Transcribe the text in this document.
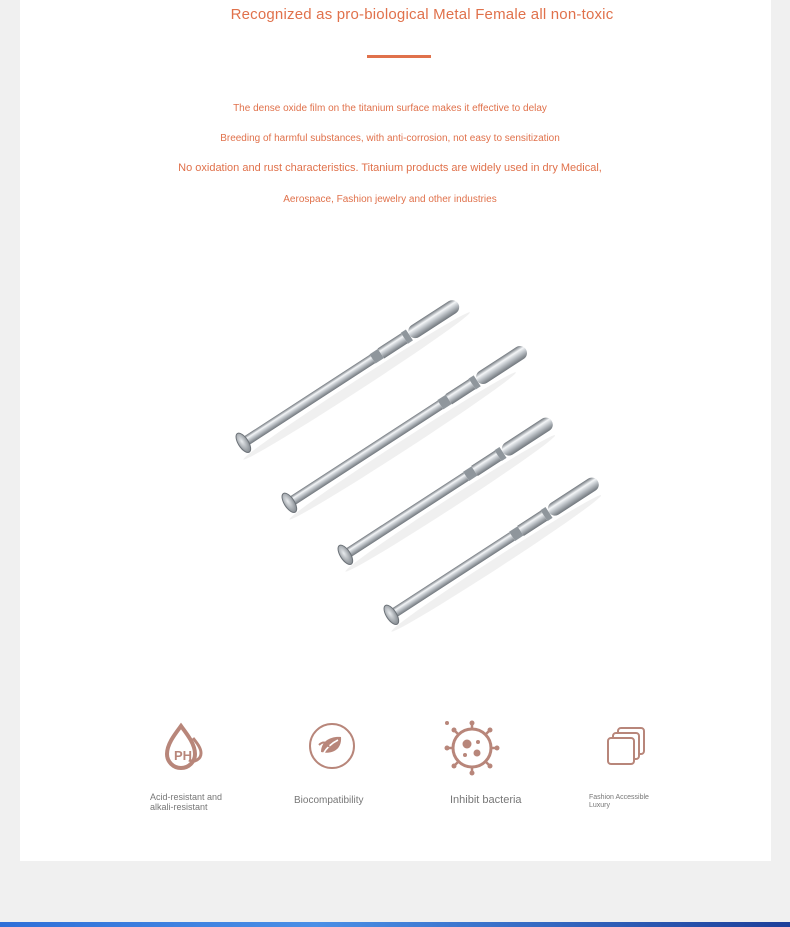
Recognized as pro-biological Metal Female all non-toxic
The dense oxide film on the titanium surface makes it effective to delay
Breeding of harmful substances, with anti-corrosion, not easy to sensitization
No oxidation and rust characteristics. Titanium products are widely used in dry Medical,
Aerospace, Fashion jewelry and other industries
PH
Acid-resistant and
alkali-resistant
Biocompatibility	Inhibit bacteria	Fashion Accessible
Luxury
